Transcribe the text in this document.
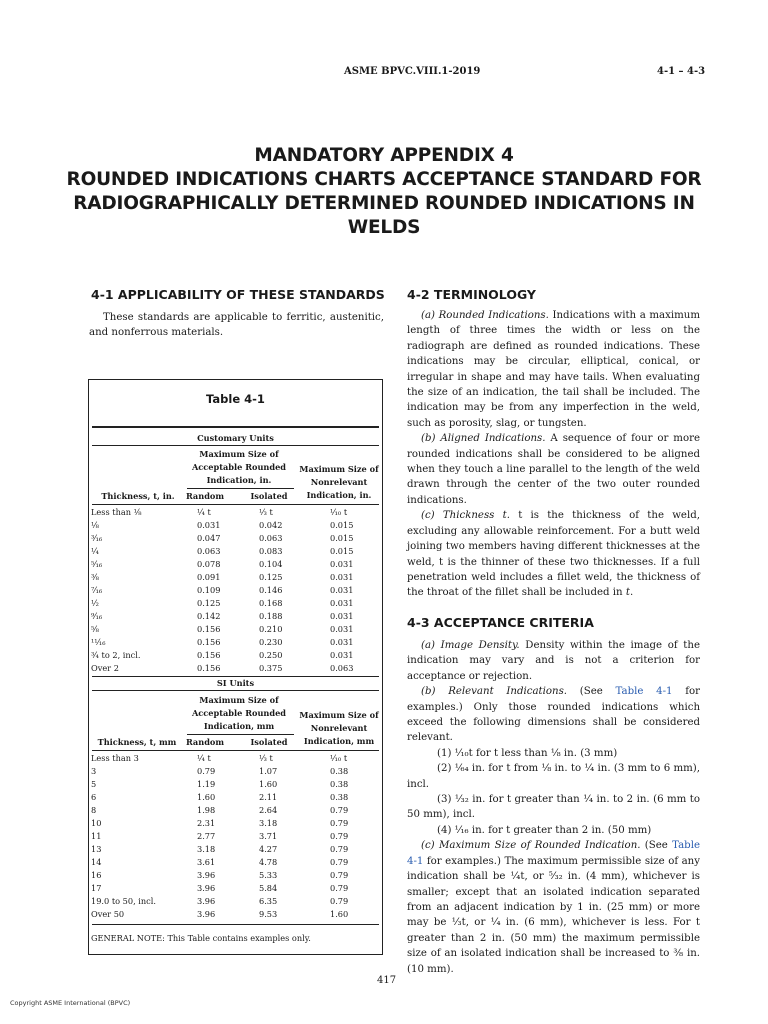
ASME BPVC.VIII.1-2019	4-1 – 4-3
MANDATORY APPENDIX 4
ROUNDED INDICATIONS CHARTS ACCEPTANCE STANDARD FOR
RADIOGRAPHICALLY DETERMINED ROUNDED INDICATIONS IN
WELDS
4-1 APPLICABILITY OF THESE STANDARDS

These standards are applicable to ferritic, austenitic, and nonferrous materials.

Table 4-1
Customary Units
Maximum Size of Acceptable Rounded Indication, in.
Maximum Size of Nonrelevant Indication, in.
Thickness, t, in.	Random	Isolated
Less than ¹⁄₈	¹⁄₄ t	¹⁄₃ t	¹⁄₁₀ t
¹⁄₈	0.031	0.042	0.015
³⁄₁₆	0.047	0.063	0.015
¹⁄₄	0.063	0.083	0.015
⁵⁄₁₆	0.078	0.104	0.031
³⁄₈	0.091	0.125	0.031
⁷⁄₁₆	0.109	0.146	0.031
¹⁄₂	0.125	0.168	0.031
⁹⁄₁₆	0.142	0.188	0.031
⁵⁄₈	0.156	0.210	0.031
¹¹⁄₁₆	0.156	0.230	0.031
³⁄₄ to 2, incl.	0.156	0.250	0.031
Over 2	0.156	0.375	0.063
SI Units
Maximum Size of Acceptable Rounded Indication, mm
Maximum Size of Nonrelevant Indication, mm
Thickness, t, mm	Random	Isolated
Less than 3	¹⁄₄ t	¹⁄₃ t	¹⁄₁₀ t
3	0.79	1.07	0.38
5	1.19	1.60	0.38
6	1.60	2.11	0.38
8	1.98	2.64	0.79
10	2.31	3.18	0.79
11	2.77	3.71	0.79
13	3.18	4.27	0.79
14	3.61	4.78	0.79
16	3.96	5.33	0.79
17	3.96	5.84	0.79
19.0 to 50, incl.	3.96	6.35	0.79
Over 50	3.96	9.53	1.60
GENERAL NOTE: This Table contains examples only.
4-2 TERMINOLOGY

(a) Rounded Indications. Indications with a maximum length of three times the width or less on the radiograph are defined as rounded indications. These indications may be circular, elliptical, conical, or irregular in shape and may have tails. When evaluating the size of an indication, the tail shall be included. The indication may be from any imperfection in the weld, such as porosity, slag, or tungsten.

(b) Aligned Indications. A sequence of four or more rounded indications shall be considered to be aligned when they touch a line parallel to the length of the weld drawn through the center of the two outer rounded indications.

(c) Thickness t. t is the thickness of the weld, excluding any allowable reinforcement. For a butt weld joining two members having different thicknesses at the weld, t is the thinner of these two thicknesses. If a full penetration weld includes a fillet weld, the thickness of the throat of the fillet shall be included in t.

4-3 ACCEPTANCE CRITERIA

(a) Image Density. Density within the image of the indication may vary and is not a criterion for acceptance or rejection.

(b) Relevant Indications. (See Table 4-1 for examples.) Only those rounded indications which exceed the following dimensions shall be considered relevant.

(1) ¹⁄₁₀t for t less than ¹⁄₈ in. (3 mm)

(2) ¹⁄₆₄ in. for t from ¹⁄₈ in. to ¹⁄₄ in. (3 mm to 6 mm), incl.

(3) ¹⁄₃₂ in. for t greater than ¹⁄₄ in. to 2 in. (6 mm to 50 mm), incl.

(4) ¹⁄₁₆ in. for t greater than 2 in. (50 mm)

(c) Maximum Size of Rounded Indication. (See Table 4-1 for examples.) The maximum permissible size of any indication shall be ¹⁄₄t, or ⁵⁄₃₂ in. (4 mm), whichever is smaller; except that an isolated indication separated from an adjacent indication by 1 in. (25 mm) or more may be ¹⁄₃t, or ¹⁄₄ in. (6 mm), whichever is less. For t greater than 2 in. (50 mm) the maximum permissible size of an isolated indication shall be increased to ³⁄₈ in. (10 mm).

417
Copyright ASME International (BPVC)
